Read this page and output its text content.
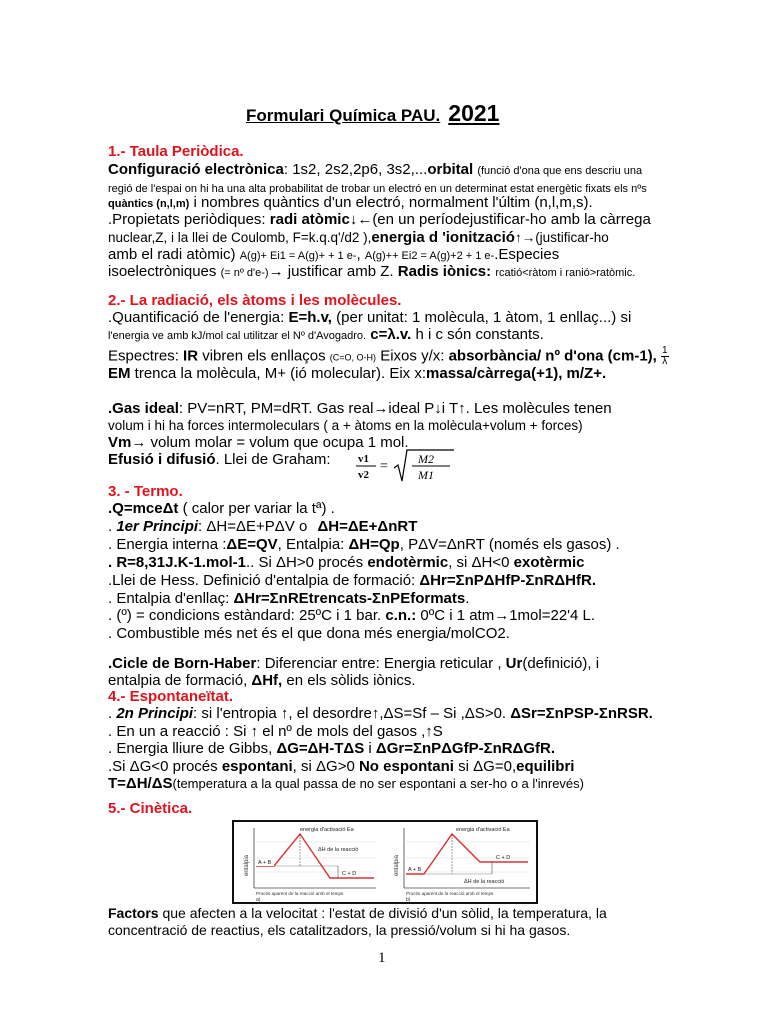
Formulari Química PAU. 2021
1.- Taula Periòdica.
Configuració electrònica: 1s2, 2s2,2p6, 3s2,...orbital (funció d'ona que ens descriu una
regió de l'espai on hi ha una alta probabilitat de trobar un electró en un determinat estat energètic fixats els nºs
quàntics (n,l,m) i nombres quàntics d'un electró, normalment l'últim (n,l,m,s).
.Propietats periòdiques: radi atòmic↓←(en un períodejustificar-ho amb la càrrega
nuclear,Z, i la llei de Coulomb, F=k.q.q'/d2 ),energia d 'ionització↑→(justificar-ho
amb el radi atòmic) A(g)+ Ei1 = A(g)+ + 1 e-, A(g)++ Ei2 = A(g)+2 + 1 e-.Especies
isoelectròniques (= nº d'e-)→ justificar amb Z. Radis iònics: rcatió<ràtom i ranió>ratòmic.
2.- La radiació, els àtoms i les molècules.
.Quantificació de l'energia: E=h.v, (per unitat: 1 molècula, 1 àtom, 1 enllaç...) si
l'energia ve amb kJ/mol cal utilitzar el Nº d'Avogadro. c=λ.v. h i c són constants.
Espectres: IR vibren els enllaços (C=O, O-H) Eixos y/x: absorbància/ nº d'ona (cm-1), $\frac{1}{\lambda}$
EM trenca la molècula, M+ (ió molecular). Eix x:massa/càrrega(+1), m/Z+.
.Gas ideal: PV=nRT, PM=dRT. Gas real→ideal P↓i T↑. Les molècules tenen
volum i hi ha forces intermoleculars ( a + àtoms en la molècula+volum + forces)
Vm→ volum molar = volum que ocupa 1 mol.
Efusió i difusió. Llei de Graham:	v1
v2
=	M2
M1
3. - Termo.
.Q=mceΔt ( calor per variar la tª) .
. 1er Principi: ΔH=ΔE+PΔV o ΔH=ΔE+ΔnRT
. Energia interna :ΔE=QV, Entalpia: ΔH=Qp, PΔV=ΔnRT (només els gasos) .
. R=8,31J.K-1.mol-1.. Si ΔH>0 procés endotèrmic, si ΔH<0 exotèrmic
.Llei de Hess. Definició d'entalpia de formació: ΔHr=ΣnPΔHfP-ΣnRΔHfR.
. Entalpia d'enllaç: ΔHr=ΣnREtrencats-ΣnPEformats.
. (º) = condicions estàndard: 25ºC i 1 bar. c.n.: 0ºC i 1 atm→1mol=22'4 L.
. Combustible més net és el que dona més energia/molCO2.
.Cicle de Born-Haber: Diferenciar entre: Energia reticular , Ur(definició), i
entalpia de formació, ΔHf, en els sòlids iònics.
4.- Espontaneïtat.
. 2n Principi: si l'entropia ↑, el desordre↑,ΔS=Sf – Si ,ΔS>0. ΔSr=ΣnPSP-ΣnRSR.
. En un a reacció : Si ↑ el nº de mols del gasos ,↑S
. Energia lliure de Gibbs, ΔG=ΔH-TΔS i ΔGr=ΣnPΔGfP-ΣnRΔGfR.
.Si ΔG<0 procés espontani, si ΔG>0 No espontani si ΔG=0,equilibri
T=ΔH/ΔS(temperatura a la qual passa de no ser espontani a ser-ho o a l'inrevés)
5.- Cinètica.
entalpia
energia d'activació Ea
ΔH de la reacció
A + B
C + D
Procés aparent de la reacció amb el temps
a)
entalpia
energia d'activació Ea
ΔH de la reacció
A + B
C + D
Procés aparent de la reacció amb el temps
b)
Factors que afecten a la velocitat : l'estat de divisió d'un sòlid, la temperatura, la
concentració de reactius, els catalitzadors, la pressió/volum si hi ha gasos.
1
